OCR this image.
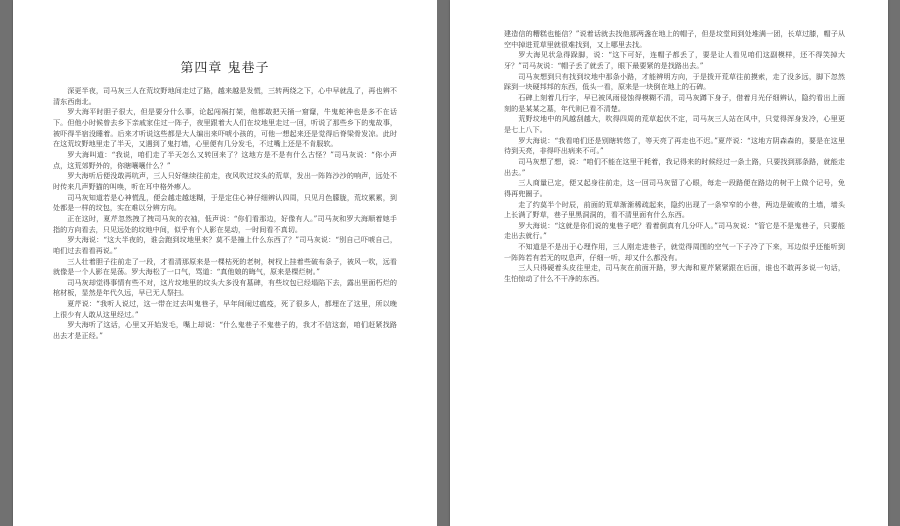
第四章 鬼巷子

深更半夜，司马灰三人在荒坟野地间走过了路，越来越是发慌，三转两绕之下，心中早就乱了，再也辨不清东西南北。

罗大海平时胆子很大，但是要分什么事，论起闯祸打架，他都敢把天捅一窟窿，牛鬼蛇神也是多不在话下。但他小时候曾去乡下亲戚家住过一阵子，夜里跟着大人们在坟地里走过一回，听说了那些乡下的鬼故事，被吓得半宿没睡着。后来才听说这些都是大人编出来吓唬小孩的，可他一想起来还是觉得后脊梁骨发凉。此时在这荒坟野地里走了半天，又遇到了鬼打墙，心里便有几分发毛，不过嘴上还是不肯服软。

罗大海叫道：“我说，咱们走了半天怎么又转回来了？这地方是不是有什么古怪？”司马灰说：“你小声点，这荒郊野外的，你瞎嚷嚷什么？”

罗大海听后便没敢再吭声，三人只好继续往前走，夜风吹过坟头的荒草，发出一阵阵沙沙的响声，远处不时传来几声野猫的叫唤，听在耳中格外瘆人。

司马灰知道若是心神慌乱，便会越走越迷糊，于是定住心神仔细辨认四周，只见月色朦胧，荒坟累累，到处都是一样的坟包，实在难以分辨方向。

正在这时，夏芹忽然拽了拽司马灰的衣袖，低声说：“你们看那边，好像有人。”司马灰和罗大海顺着她手指的方向看去，只见远处的坟地中间，似乎有个人影在晃动，一时间看不真切。

罗大海说：“这大半夜的，谁会跑到坟地里来？莫不是撞上什么东西了？”司马灰说：“别自己吓唬自己，咱们过去看看再说。”

三人壮着胆子往前走了一段，才看清那原来是一棵枯死的老树，树杈上挂着些破布条子，被风一吹，远看就像是一个人影在晃荡。罗大海松了一口气，骂道：“真他娘的晦气，原来是棵烂树。”

司马灰却觉得事情有些不对，这片坟地里的坟头大多没有墓碑，有些坟包已经塌陷下去，露出里面朽烂的棺材板，显然是年代久远，早已无人祭扫。

夏芹说：“我听人说过，这一带在过去叫鬼巷子，早年间闹过瘟疫，死了很多人，都埋在了这里，所以晚上很少有人敢从这里经过。”

罗大海听了这话，心里又开始发毛，嘴上却说：“什么鬼巷子不鬼巷子的，我才不信这套，咱们赶紧找路出去才是正经。”

建造信的糟糕也能信？”说着话就去找他那两盏在地上的帽子，但是坟堂间到处堆满一团，长草过膝，帽子从空中掉进荒草里就很难找到，又上哪里去找。

罗大海见状急得跺脚，说：“这下可好，连帽子都丢了，要是让人看见咱们这副模样，还不得笑掉大牙？”司马灰说：“帽子丢了就丢了，眼下最要紧的是找路出去。”

司马灰想到只有找到坟地中那条小路，才能辨明方向，于是拨开荒草往前摸索，走了没多远，脚下忽然踩到一块硬邦邦的东西，低头一看，原来是一块倒在地上的石碑。

石碑上刻着几行字，早已被风雨侵蚀得模糊不清，司马灰蹲下身子，借着月光仔细辨认，隐约看出上面刻的是某某之墓，年代则已看不清楚。

荒野坟地中的风越刮越大，吹得四周的荒草起伏不定，司马灰三人站在风中，只觉得浑身发冷，心里更是七上八下。

罗大海说：“我看咱们还是别瞎转悠了，等天亮了再走也不迟。”夏芹说：“这地方阴森森的，要是在这里待到天亮，非得吓出病来不可。”

司马灰想了想，说：“咱们不能在这里干耗着，我记得来的时候经过一条土路，只要找到那条路，就能走出去。”

三人商量已定，便又起身往前走，这一回司马灰留了心眼，每走一段路便在路边的树干上做个记号，免得再兜圈子。

走了约莫半个时辰，前面的荒草渐渐稀疏起来，隐约出现了一条窄窄的小巷，两边是破败的土墙，墙头上长满了野草，巷子里黑洞洞的，看不清里面有什么东西。

罗大海说：“这就是你们说的鬼巷子吧？看着倒真有几分吓人。”司马灰说：“管它是不是鬼巷子，只要能走出去就行。”

不知道是不是出于心理作用，三人刚走进巷子，就觉得周围的空气一下子冷了下来，耳边似乎还能听到一阵阵若有若无的叹息声，仔细一听，却又什么都没有。

三人只得硬着头皮往里走，司马灰在前面开路，罗大海和夏芹紧紧跟在后面，谁也不敢再多说一句话，生怕惊动了什么不干净的东西。
